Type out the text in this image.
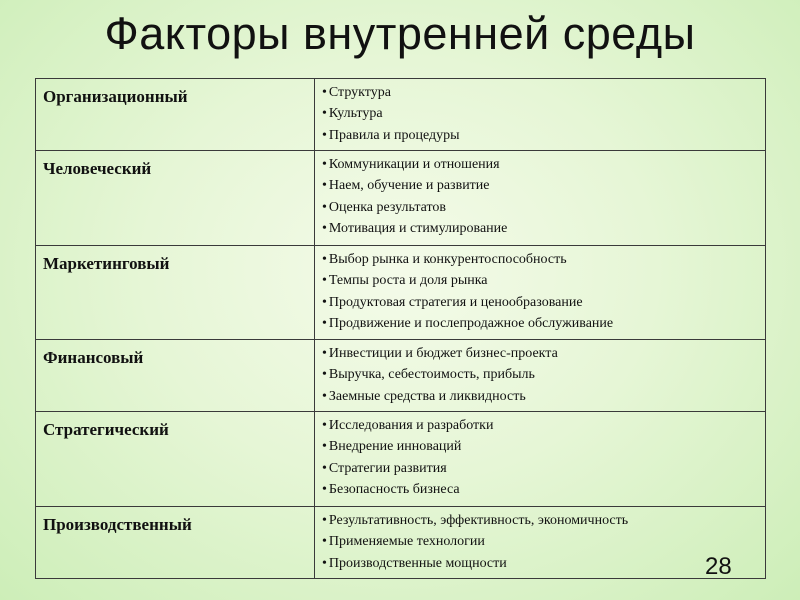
Факторы внутренней среды
Организационный	• Структура
• Культура
• Правила и процедуры

Человеческий	• Коммуникации и отношения
• Наем, обучение и развитие
• Оценка результатов
• Мотивация и стимулирование

Маркетинговый	• Выбор рынка и конкурентоспособность
• Темпы роста и доля рынка
• Продуктовая стратегия и ценообразование
• Продвижение и послепродажное обслуживание

Финансовый	• Инвестиции и бюджет бизнес-проекта
• Выручка, себестоимость, прибыль
• Заемные средства и ликвидность

Стратегический	• Исследования и разработки
• Внедрение инноваций
• Стратегии развития
• Безопасность бизнеса

Производственный	• Результативность, эффективность, экономичность
• Применяемые технологии
• Производственные мощности	28
